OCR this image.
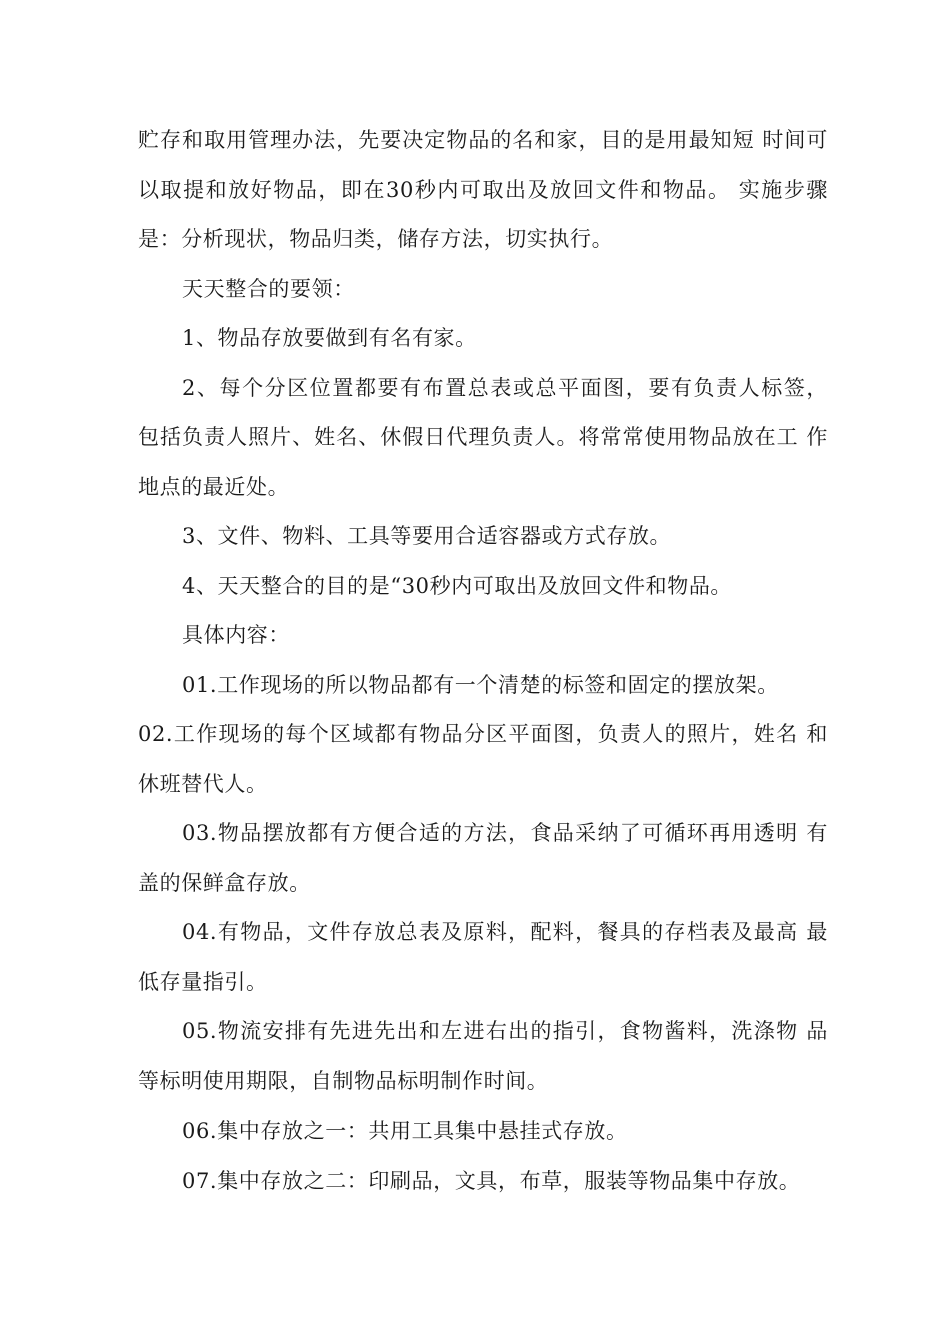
贮存和取用管理办法，先要决定物品的名和家，目的是用最知短 时间可以取提和放好物品，即在30秒内可取出及放回文件和物品。 实施步骤是：分析现状，物品归类，储存方法，切实执行。

天天整合的要领：

1、物品存放要做到有名有家。

2、每个分区位置都要有布置总表或总平面图，要有负责人标签， 包括负责人照片、姓名、休假日代理负责人。将常常使用物品放在工 作地点的最近处。

3、文件、物料、工具等要用合适容器或方式存放。

4、天天整合的目的是“30秒内可取出及放回文件和物品。

具体内容：

01.工作现场的所以物品都有一个清楚的标签和固定的摆放架。

02.工作现场的每个区域都有物品分区平面图，负责人的照片，姓名 和休班替代人。

03.物品摆放都有方便合适的方法，食品采纳了可循环再用透明 有盖的保鲜盒存放。

04.有物品，文件存放总表及原料，配料，餐具的存档表及最高 最低存量指引。

05.物流安排有先进先出和左进右出的指引，食物酱料，洗涤物 品等标明使用期限，自制物品标明制作时间。

06.集中存放之一：共用工具集中悬挂式存放。

07.集中存放之二：印刷品，文具，布草，服装等物品集中存放。
